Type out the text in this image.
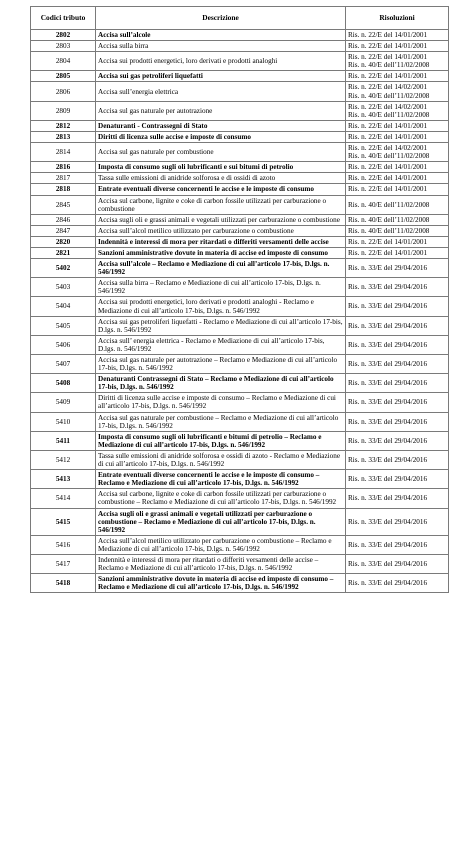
Codici tributo	Descrizione	Risoluzioni
2802	Accisa sull’alcole	Ris. n. 22/E del 14/01/2001

2803	Accisa sulla birra	Ris. n. 22/E del 14/01/2001

2804	Accisa sui prodotti energetici, loro derivati e prodotti analoghi	Ris. n. 22/E del 14/01/2001
Ris. n. 40/E dell’11/02/2008

2805	Accisa sui gas petroliferi liquefatti	Ris. n. 22/E del 14/01/2001

2806	Accisa sull’energia elettrica	Ris. n. 22/E del 14/02/2001
Ris. n. 40/E dell’11/02/2008

2809	Accisa sul gas naturale per autotrazione	Ris. n. 22/E del 14/02/2001
Ris. n. 40/E dell’11/02/2008

2812	Denaturanti - Contrassegni di Stato	Ris. n. 22/E del 14/01/2001

2813	Diritti di licenza sulle accise e imposte di consumo	Ris. n. 22/E del 14/01/2001

2814	Accisa sul gas naturale per combustione	Ris. n. 22/E del 14/02/2001
Ris. n. 40/E dell’11/02/2008

2816	Imposta di consumo sugli oli lubrificanti e sui bitumi di petrolio	Ris. n. 22/E del 14/01/2001

2817	Tassa sulle emissioni di anidride solforosa e di ossidi di azoto	Ris. n. 22/E del 14/01/2001

2818	Entrate eventuali diverse concernenti le accise e le imposte di consumo	Ris. n. 22/E del 14/01/2001

2845	Accisa sul carbone, lignite e coke di carbon fossile utilizzati per carburazione o combustione	Ris. n. 40/E dell’11/02/2008

2846	Accisa sugli oli e grassi animali e vegetali utilizzati per carburazione o combustione	Ris. n. 40/E dell’11/02/2008

2847	Accisa sull’alcol metilico utilizzato per carburazione o combustione	Ris. n. 40/E dell’11/02/2008

2820	Indennità e interessi di mora per ritardati o differiti versamenti delle accise	Ris. n. 22/E del 14/01/2001

2821	Sanzioni amministrative dovute in materia di accise ed imposte di consumo	Ris. n. 22/E del 14/01/2001

5402	Accisa sull’alcole – Reclamo e Mediazione di cui all’articolo 17-bis, D.lgs. n. 546/1992	Ris. n. 33/E del 29/04/2016

5403	Accisa sulla birra – Reclamo e Mediazione di cui all’articolo 17-bis, D.lgs. n. 546/1992	Ris. n. 33/E del 29/04/2016

5404	Accisa sui prodotti energetici, loro derivati e prodotti analoghi - Reclamo e Mediazione di cui all’articolo 17-bis, D.lgs. n. 546/1992	Ris. n. 33/E del 29/04/2016

5405	Accisa sui gas petroliferi liquefatti - Reclamo e Mediazione di cui all’articolo 17-bis, D.lgs. n. 546/1992	Ris. n. 33/E del 29/04/2016

5406	Accisa sull’ energia elettrica - Reclamo e Mediazione di cui all’articolo 17-bis, D.lgs. n. 546/1992	Ris. n. 33/E del 29/04/2016

5407	Accisa sul gas naturale per autotrazione – Reclamo e Mediazione di cui all’articolo 17-bis, D.lgs. n. 546/1992	Ris. n. 33/E del 29/04/2016

5408	Denaturanti Contrassegni di Stato – Reclamo e Mediazione di cui all’articolo 17-bis, D.lgs. n. 546/1992	Ris. n. 33/E del 29/04/2016

5409	Diritti di licenza sulle accise e imposte di consumo – Reclamo e Mediazione di cui all’articolo 17-bis, D.lgs. n. 546/1992	Ris. n. 33/E del 29/04/2016

5410	Accisa sul gas naturale per combustione – Reclamo e Mediazione di cui all’articolo 17-bis, D.lgs. n. 546/1992	Ris. n. 33/E del 29/04/2016

5411	Imposta di consumo sugli oli lubrificanti e bitumi di petrolio – Reclamo e Mediazione di cui all’articolo 17-bis, D.lgs. n. 546/1992	Ris. n. 33/E del 29/04/2016

5412	Tassa sulle emissioni di anidride solforosa e ossidi di azoto - Reclamo e Mediazione di cui all’articolo 17-bis, D.lgs. n. 546/1992	Ris. n. 33/E del 29/04/2016

5413	Entrate eventuali diverse concernenti le accise e le imposte di consumo – Reclamo e Mediazione di cui all’articolo 17-bis, D.lgs. n. 546/1992	Ris. n. 33/E del 29/04/2016

5414	Accisa sul carbone, lignite e coke di carbon fossile utilizzati per carburazione o combustione – Reclamo e Mediazione di cui all’articolo 17-bis, D.lgs. n. 546/1992	Ris. n. 33/E del 29/04/2016

5415	Accisa sugli oli e grassi animali e vegetali utilizzati per carburazione o combustione – Reclamo e Mediazione di cui all’articolo 17-bis, D.lgs. n. 546/1992	Ris. n. 33/E del 29/04/2016

5416	Accisa sull’alcol metilico utilizzato per carburazione o combustione – Reclamo e Mediazione di cui all’articolo 17-bis, D.lgs. n. 546/1992	Ris. n. 33/E del 29/04/2016

5417	Indennità e interessi di mora per ritardati o differiti versamenti delle accise – Reclamo e Mediazione di cui all’articolo 17-bis, D.lgs. n. 546/1992	Ris. n. 33/E del 29/04/2016

5418	Sanzioni amministrative dovute in materia di accise ed imposte di consumo – Reclamo e Mediazione di cui all’articolo 17-bis, D.lgs. n. 546/1992	Ris. n. 33/E del 29/04/2016
